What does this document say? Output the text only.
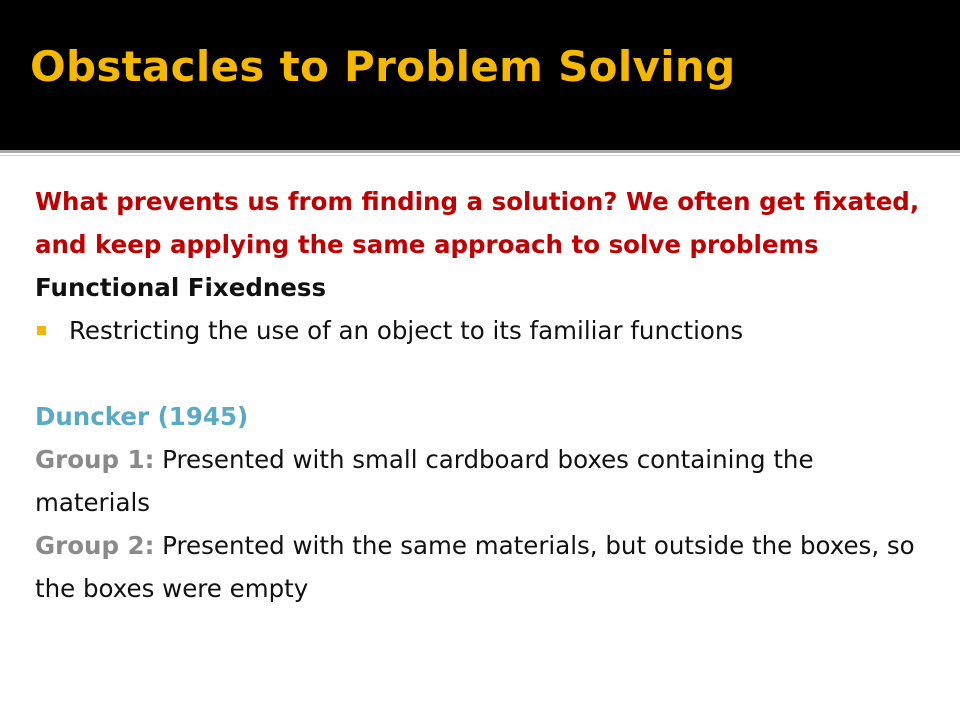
Obstacles to Problem Solving

What prevents us from finding a solution? We often get fixated, and keep applying the same approach to solve problems

Functional Fixedness

Restricting the use of an object to its familiar functions

Duncker (1945)

Group 1: Presented with small cardboard boxes containing the materials

Group 2: Presented with the same materials, but outside the boxes, so the boxes were empty
